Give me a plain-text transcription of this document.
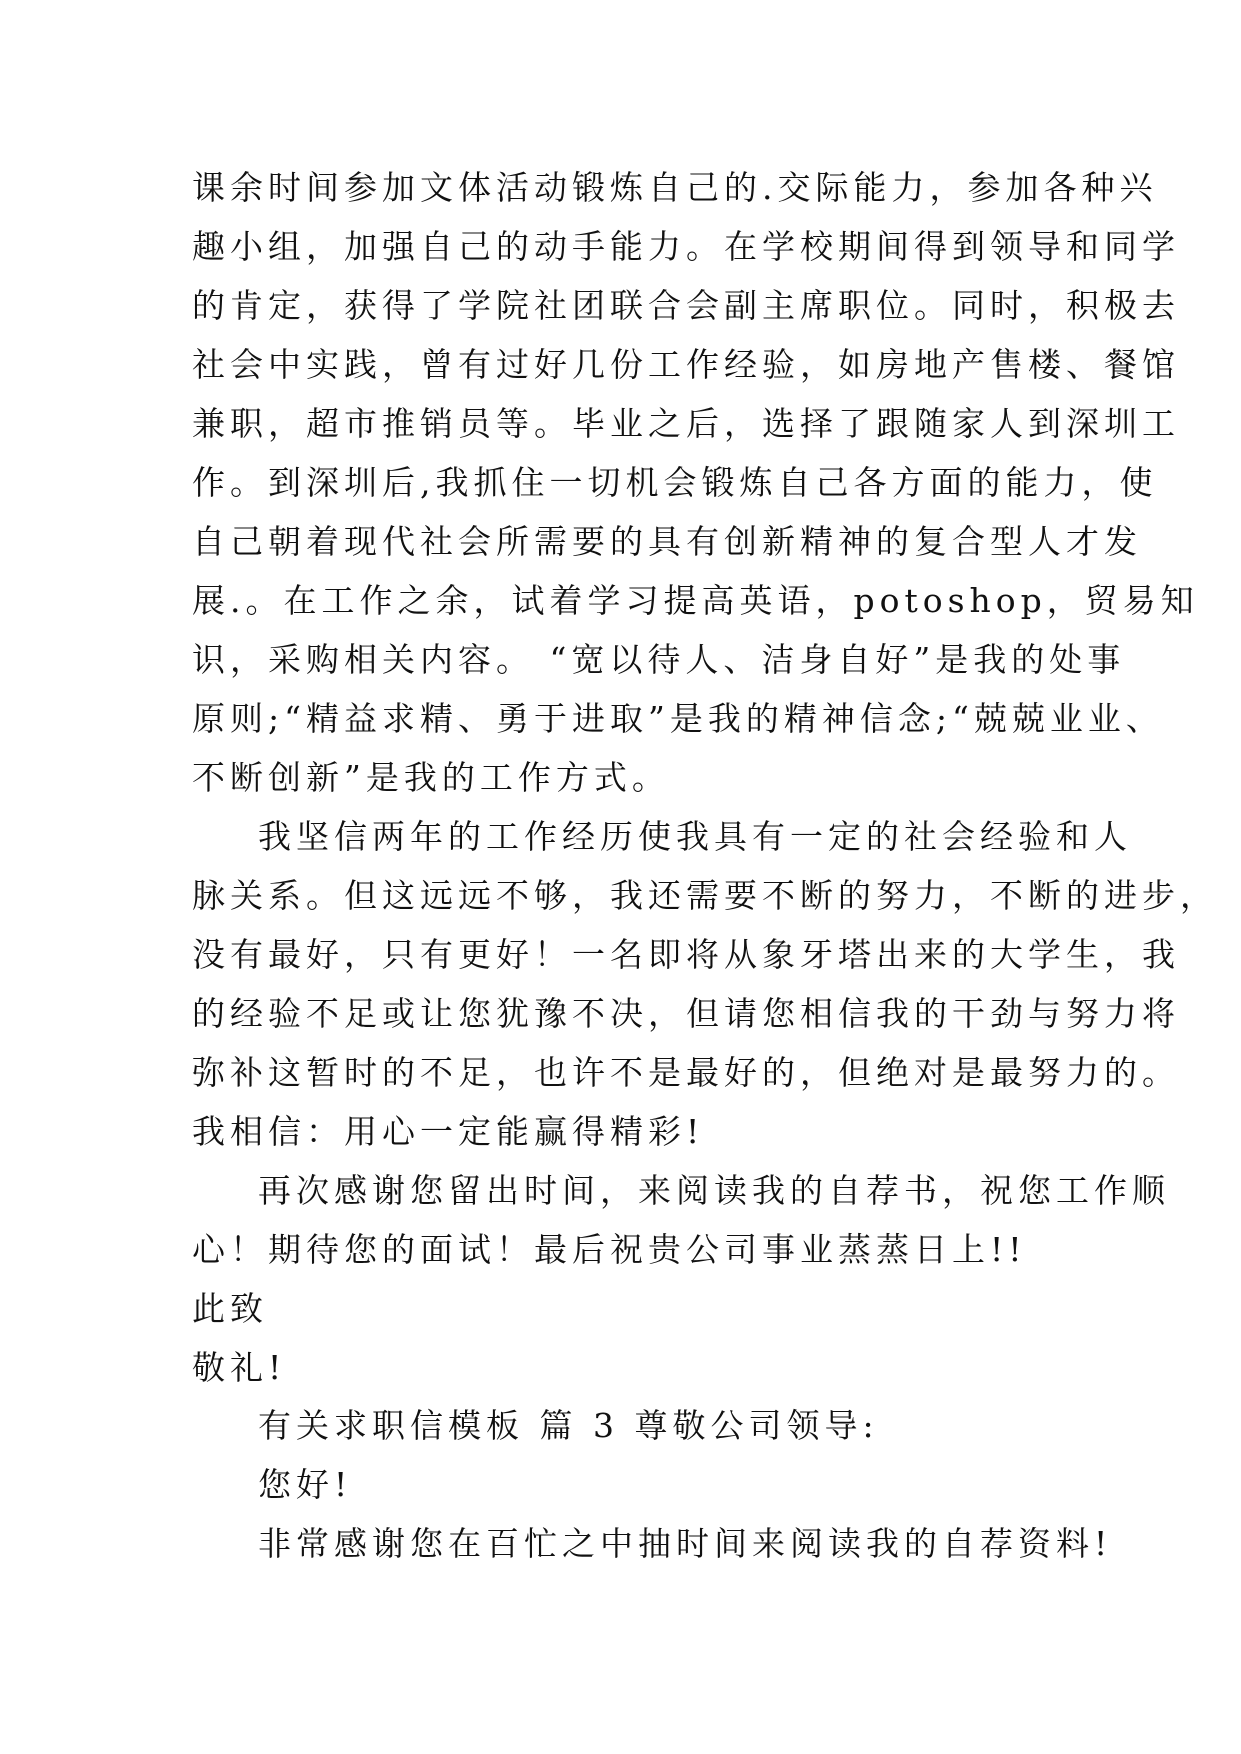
课余时间参加文体活动锻炼自己的.交际能力，参加各种兴
趣小组，加强自己的动手能力。在学校期间得到领导和同学
的肯定，获得了学院社团联合会副主席职位。同时，积极去
社会中实践，曾有过好几份工作经验，如房地产售楼、餐馆
兼职，超市推销员等。毕业之后，选择了跟随家人到深圳工
作。到深圳后,我抓住一切机会锻炼自己各方面的能力，使
自己朝着现代社会所需要的具有创新精神的复合型人才发
展.。在工作之余，试着学习提高英语，potoshop，贸易知
识，采购相关内容。 “宽以待人、洁身自好”是我的处事
原则;“精益求精、勇于进取”是我的精神信念;“兢兢业业、
不断创新”是我的工作方式。
我坚信两年的工作经历使我具有一定的社会经验和人
脉关系。但这远远不够，我还需要不断的努力，不断的进步，
没有最好，只有更好！一名即将从象牙塔出来的大学生，我
的经验不足或让您犹豫不决，但请您相信我的干劲与努力将
弥补这暂时的不足，也许不是最好的，但绝对是最努力的。
我相信：用心一定能赢得精彩!
再次感谢您留出时间，来阅读我的自荐书，祝您工作顺
心！期待您的面试！最后祝贵公司事业蒸蒸日上!!
此致
敬礼!
有关求职信模板 篇 3 尊敬公司领导:
您好!
非常感谢您在百忙之中抽时间来阅读我的自荐资料!
